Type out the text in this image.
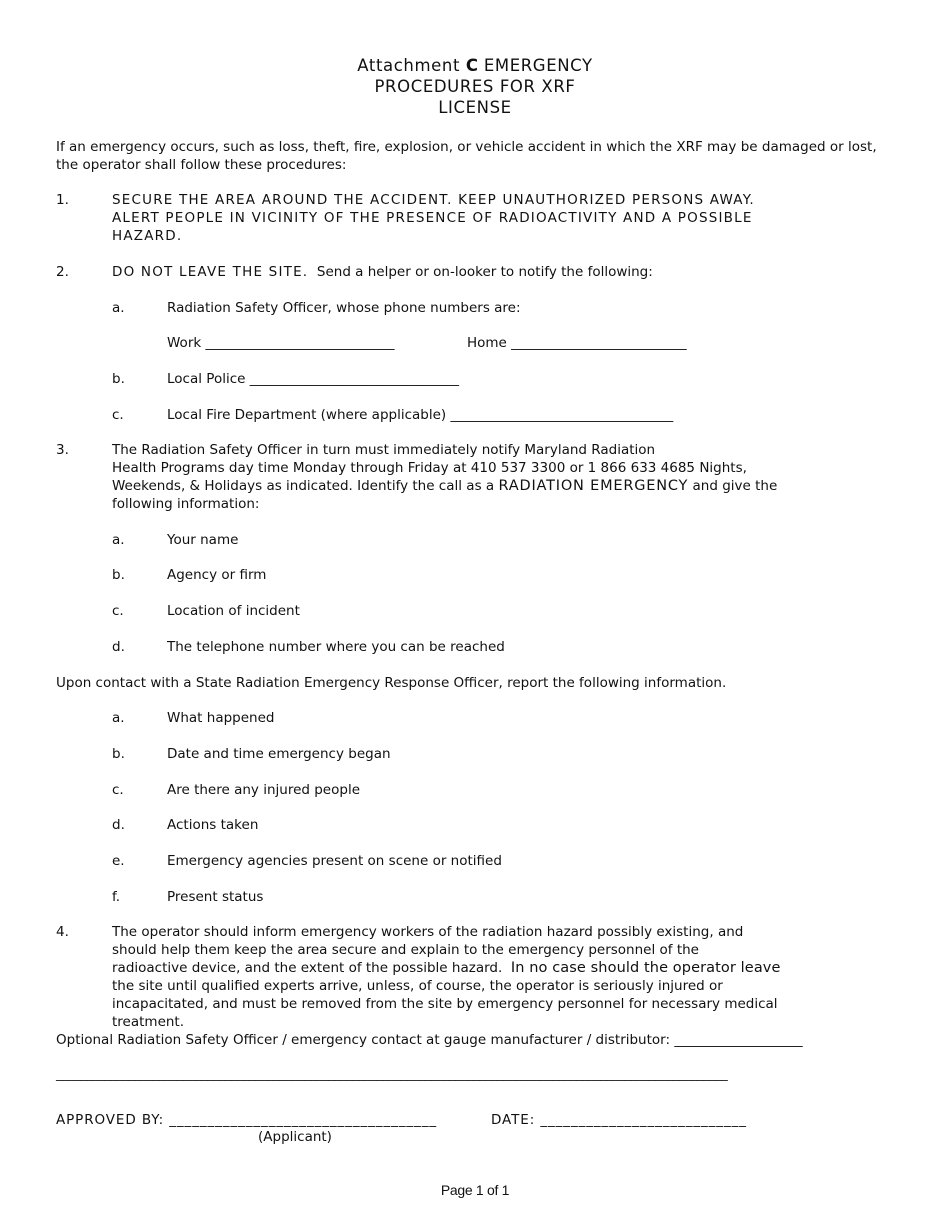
Attachment C EMERGENCY
PROCEDURES FOR XRF
LICENSE
If an emergency occurs, such as loss, theft, fire, explosion, or vehicle accident in which the XRF may be damaged or lost,
the operator shall follow these procedures:
1.	SECURE THE AREA AROUND THE ACCIDENT. KEEP UNAUTHORIZED PERSONS AWAY.
ALERT PEOPLE IN VICINITY OF THE PRESENCE OF RADIOACTIVITY AND A POSSIBLE
HAZARD.
2.	DO NOT LEAVE THE SITE. Send a helper or on-looker to notify the following:
a.	Radiation Safety Officer, whose phone numbers are:
Work ____________________________	Home __________________________
b.	Local Police _______________________________
c.	Local Fire Department (where applicable) _________________________________
3.	The Radiation Safety Officer in turn must immediately notify Maryland Radiation
Health Programs day time Monday through Friday at 410 537 3300 or 1 866 633 4685 Nights,
Weekends, & Holidays as indicated. Identify the call as a RADIATION EMERGENCY and give the
following information:
a.	Your name
b.	Agency or firm
c.	Location of incident
d.	The telephone number where you can be reached
Upon contact with a State Radiation Emergency Response Officer, report the following information.
a.	What happened
b.	Date and time emergency began
c.	Are there any injured people
d.	Actions taken
e.	Emergency agencies present on scene or notified
f.	Present status
4.	The operator should inform emergency workers of the radiation hazard possibly existing, and
should help them keep the area secure and explain to the emergency personnel of the
radioactive device, and the extent of the possible hazard. In no case should the operator leave
the site until qualified experts arrive, unless, of course, the operator is seriously injured or
incapacitated, and must be removed from the site by emergency personnel for necessary medical
treatment.
Optional Radiation Safety Officer / emergency contact at gauge manufacturer / distributor: ___________________
_______________________________________________________________________________________________________________
APPROVED BY: ___________________________________	DATE: ___________________________
(Applicant)
Page 1 of 1
